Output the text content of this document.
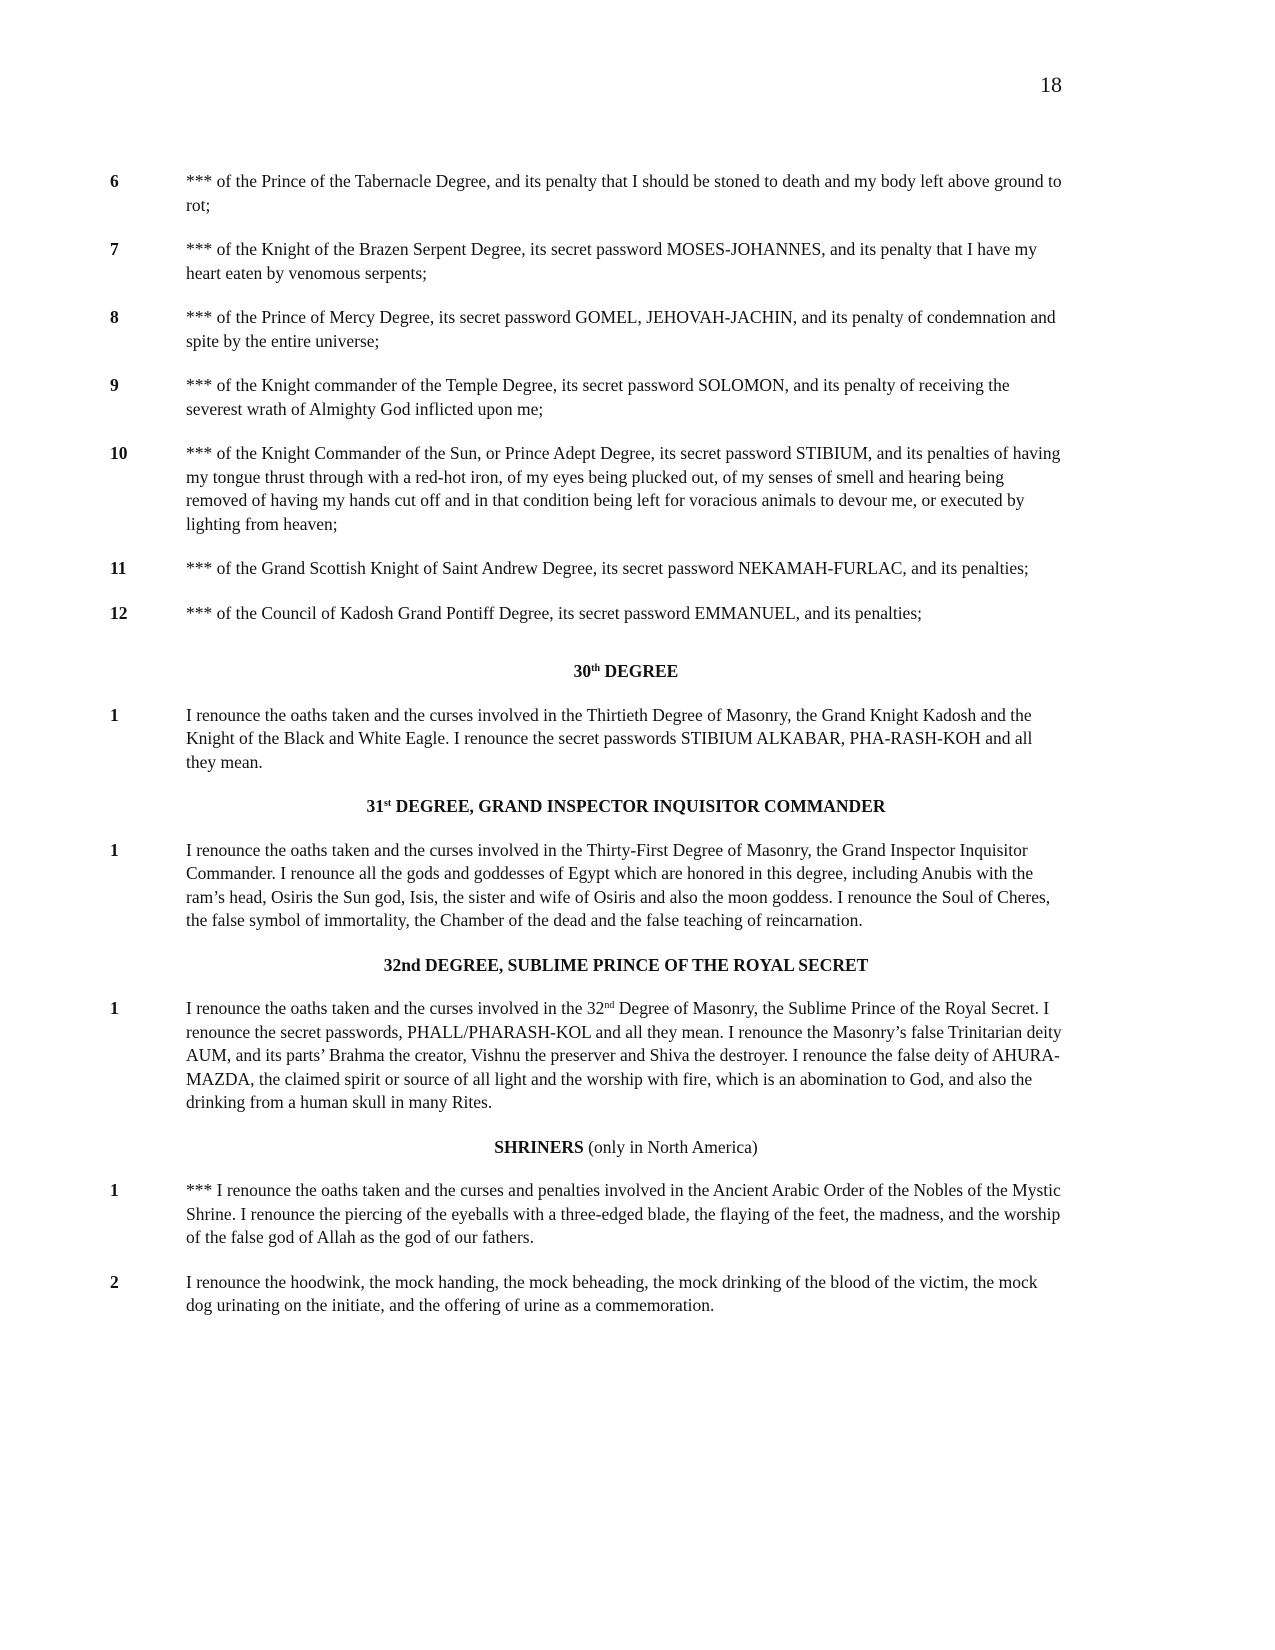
18
6	*** of the Prince of the Tabernacle Degree, and its penalty that I should be stoned to death and my body left above ground to rot;
7	*** of the Knight of the Brazen Serpent Degree, its secret password MOSES-JOHANNES, and its penalty that I have my heart eaten by venomous serpents;
8	*** of the Prince of Mercy Degree, its secret password GOMEL, JEHOVAH-JACHIN, and its penalty of condemnation and spite by the entire universe;
9	*** of the Knight commander of the Temple Degree, its secret password SOLOMON, and its penalty of receiving the severest wrath of Almighty God inflicted upon me;
10	*** of the Knight Commander of the Sun, or Prince Adept Degree, its secret password STIBIUM, and its penalties of having my tongue thrust through with a red-hot iron, of my eyes being plucked out, of my senses of smell and hearing being removed of having my hands cut off and in that condition being left for voracious animals to devour me, or executed by lighting from heaven;
11	*** of the Grand Scottish Knight of Saint Andrew Degree, its secret password NEKAMAH-FURLAC, and its penalties;
12	*** of the Council of Kadosh Grand Pontiff Degree, its secret password EMMANUEL, and its penalties;
30th DEGREE
1	I renounce the oaths taken and the curses involved in the Thirtieth Degree of Masonry, the Grand Knight Kadosh and the Knight of the Black and White Eagle. I renounce the secret passwords STIBIUM ALKABAR, PHA-RASH-KOH and all they mean.
31st DEGREE, GRAND INSPECTOR INQUISITOR COMMANDER
1	I renounce the oaths taken and the curses involved in the Thirty-First Degree of Masonry, the Grand Inspector Inquisitor Commander. I renounce all the gods and goddesses of Egypt which are honored in this degree, including Anubis with the ram’s head, Osiris the Sun god, Isis, the sister and wife of Osiris and also the moon goddess. I renounce the Soul of Cheres, the false symbol of immortality, the Chamber of the dead and the false teaching of reincarnation.
32nd DEGREE, SUBLIME PRINCE OF THE ROYAL SECRET
1	I renounce the oaths taken and the curses involved in the 32nd Degree of Masonry, the Sublime Prince of the Royal Secret. I renounce the secret passwords, PHALL/PHARASH-KOL and all they mean. I renounce the Masonry’s false Trinitarian deity AUM, and its parts’ Brahma the creator, Vishnu the preserver and Shiva the destroyer. I renounce the false deity of AHURA-MAZDA, the claimed spirit or source of all light and the worship with fire, which is an abomination to God, and also the drinking from a human skull in many Rites.
SHRINERS (only in North America)
1	*** I renounce the oaths taken and the curses and penalties involved in the Ancient Arabic Order of the Nobles of the Mystic Shrine. I renounce the piercing of the eyeballs with a three-edged blade, the flaying of the feet, the madness, and the worship of the false god of Allah as the god of our fathers.
2	I renounce the hoodwink, the mock handing, the mock beheading, the mock drinking of the blood of the victim, the mock dog urinating on the initiate, and the offering of urine as a commemoration.
